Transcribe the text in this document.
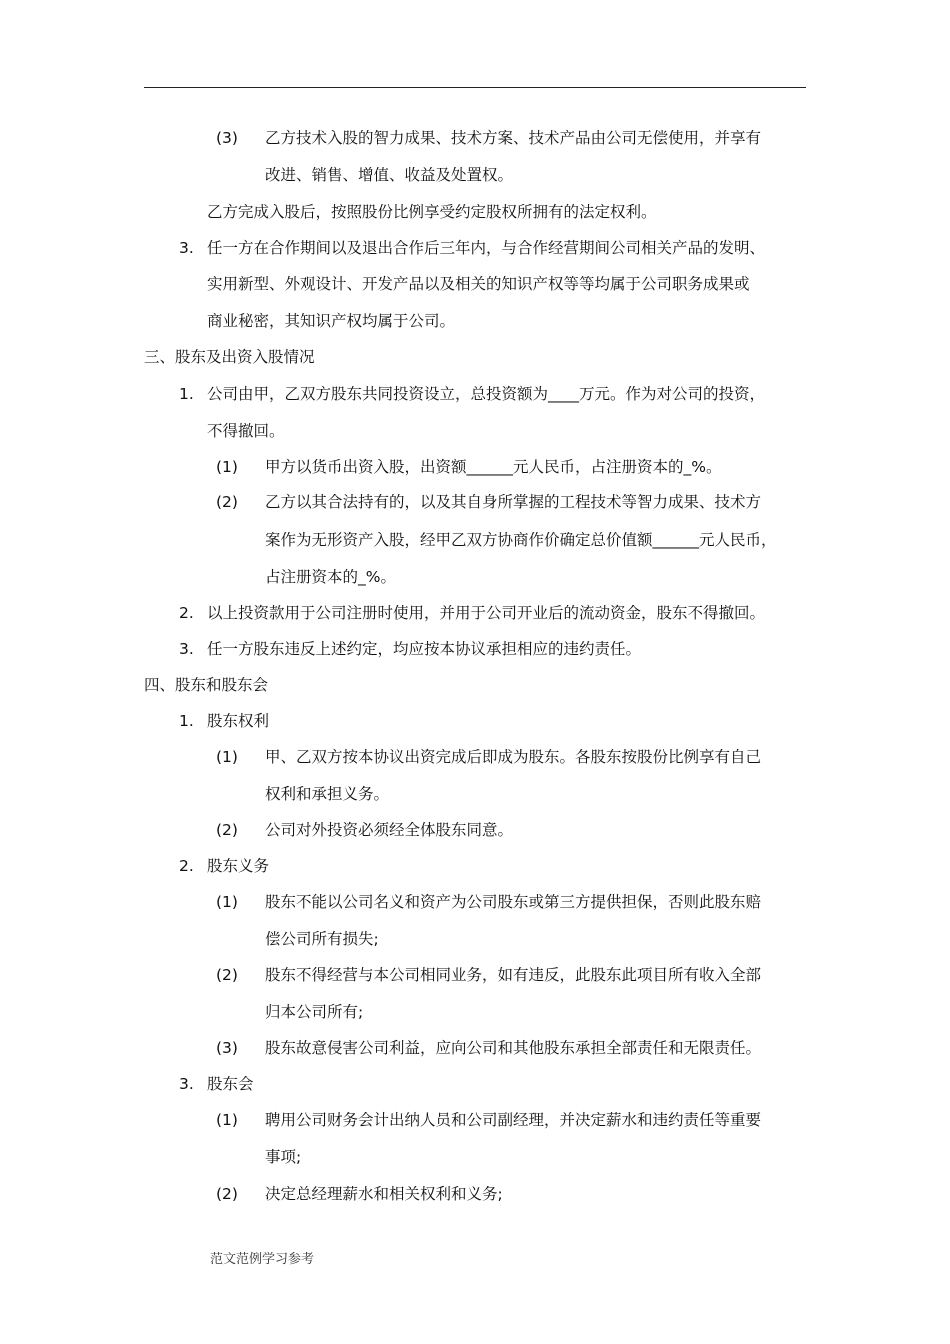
(3) 乙方技术入股的智力成果、技术方案、技术产品由公司无偿使用，并享有
改进、销售、增值、收益及处置权。
乙方完成入股后，按照股份比例享受约定股权所拥有的法定权利。
3. 任一方在合作期间以及退出合作后三年内，与合作经营期间公司相关产品的发明、
实用新型、外观设计、开发产品以及相关的知识产权等等均属于公司职务成果或
商业秘密，其知识产权均属于公司。
三、股东及出资入股情况
1. 公司由甲，乙双方股东共同投资设立，总投资额为____万元。作为对公司的投资，
不得撤回。
(1) 甲方以货币出资入股，出资额______元人民币，占注册资本的_%。
(2) 乙方以其合法持有的，以及其自身所掌握的工程技术等智力成果、技术方
案作为无形资产入股，经甲乙双方协商作价确定总价值额______元人民币，
占注册资本的_%。
2. 以上投资款用于公司注册时使用，并用于公司开业后的流动资金，股东不得撤回。
3. 任一方股东违反上述约定，均应按本协议承担相应的违约责任。
四、股东和股东会
1. 股东权利
(1) 甲、乙双方按本协议出资完成后即成为股东。各股东按股份比例享有自己
权利和承担义务。
(2) 公司对外投资必须经全体股东同意。
2. 股东义务
(1) 股东不能以公司名义和资产为公司股东或第三方提供担保，否则此股东赔
偿公司所有损失;
(2) 股东不得经营与本公司相同业务，如有违反，此股东此项目所有收入全部
归本公司所有;
(3) 股东故意侵害公司利益，应向公司和其他股东承担全部责任和无限责任。
3. 股东会
(1) 聘用公司财务会计出纳人员和公司副经理，并决定薪水和违约责任等重要
事项;
(2) 决定总经理薪水和相关权利和义务;
范文范例学习参考
